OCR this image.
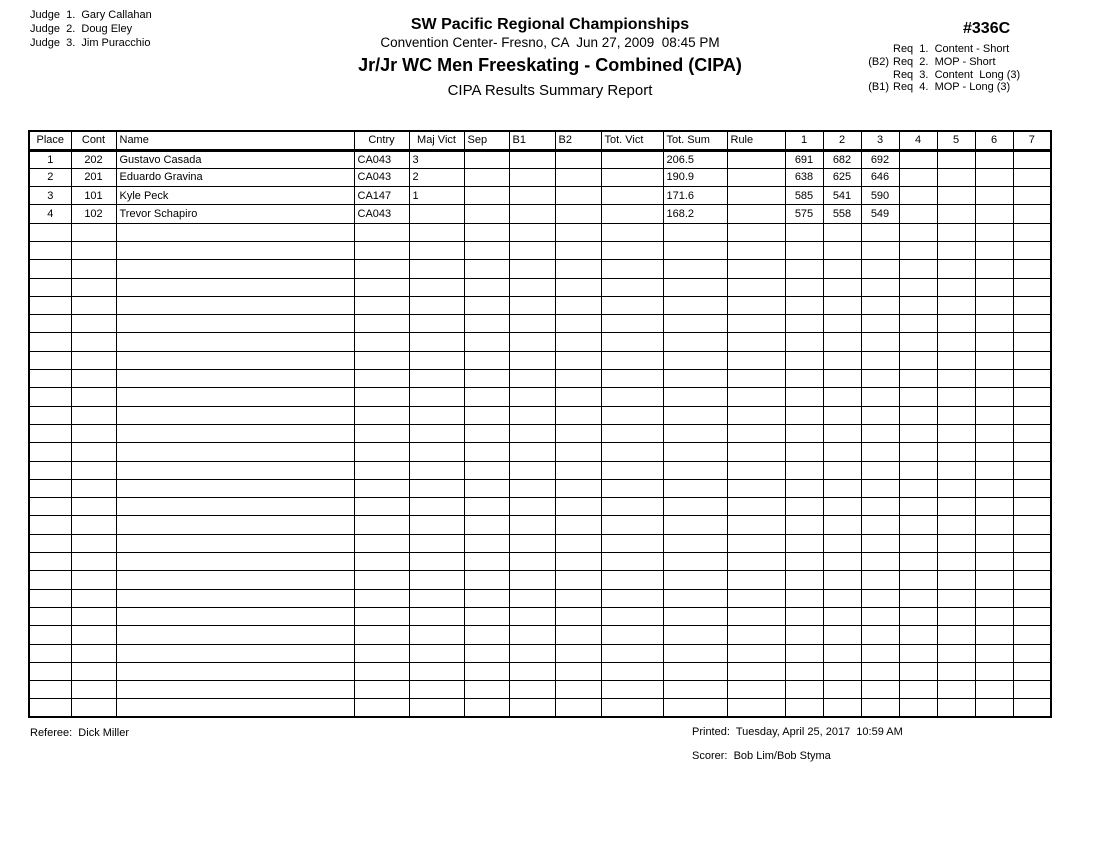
Judge  1.  Gary Callahan
Judge  2.  Doug Eley
Judge  3.  Jim Puracchio
SW Pacific Regional Championships
Convention Center- Fresno, CA  Jun 27, 2009  08:45 PM
Jr/Jr WC Men Freeskating - Combined (CIPA)
CIPA Results Summary Report
#336C
Req  1.  Content - Short
(B2) Req  2.  MOP - Short
Req  3.  Content  Long (3)
(B1) Req  4.  MOP - Long (3)
Place	Cont	Name	Cntry	Maj Vict	Sep	B1	B2	Tot. Vict	Tot. Sum	Rule	1	2	3	4	5	6	7
1	202	Gustavo Casada	CA043	3					206.5		691	682	692				
2	201	Eduardo Gravina	CA043	2					190.9		638	625	646				
3	101	Kyle Peck	CA147	1					171.6		585	541	590				
4	102	Trevor Schapiro	CA043						168.2		575	558	549				

Referee:  Dick Miller	Printed:  Tuesday, April 25, 2017  10:59 AM
Scorer:  Bob Lim/Bob Styma
